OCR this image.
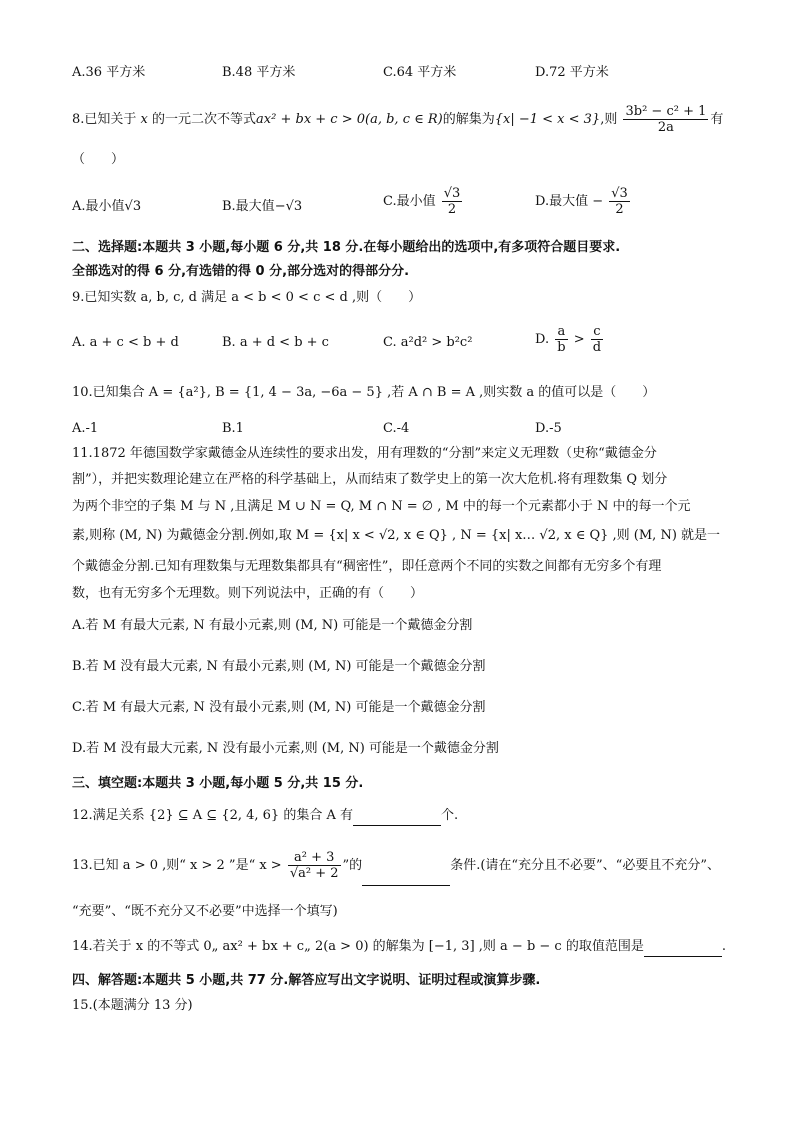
A.36 平方米	B.48 平方米	C.64 平方米	D.72 平方米
8.已知关于 x 的一元二次不等式ax² + bx + c > 0(a, b, c ∈ R)的解集为{x| −1 < x < 3},则 $\frac{\text{3b² − c² + 1}}{2a}$ 有
（　　）
A.最小值√3	B.最大值−√3	C.最小值 $\frac{√3}{2}$	D.最大值 − $\frac{√3}{2}$
二、选择题:本题共 3 小题,每小题 6 分,共 18 分.在每小题给出的选项中,有多项符合题目要求.
全部选对的得 6 分,有选错的得 0 分,部分选对的得部分分.
9.已知实数 a, b, c, d 满足 a < b < 0 < c < d ,则（　　）
A. a + c < b + d	B. a + d < b + c	C. a²d² > b²c²	D. $\frac{a}{b} > \frac{c}{d}$
10.已知集合 A = {a²}, B = {1, 4 − 3a, −6a − 5} ,若 A ∩ B = A ,则实数 a 的值可以是（　　）
A.-1	B.1	C.-4	D.-5
11.1872 年德国数学家戴德金从连续性的要求出发，用有理数的“分割”来定义无理数（史称“戴德金分
割”），并把实数理论建立在严格的科学基础上，从而结束了数学史上的第一次大危机.将有理数集 Q 划分
为两个非空的子集 M 与 N ,且满足 M ∪ N = Q, M ∩ N = ∅ , M 中的每一个元素都小于 N 中的每一个元
素,则称 (M, N) 为戴德金分割.例如,取 M = {x| x < √2, x ∈ Q} , N = {x| x… √2, x ∈ Q} ,则 (M, N) 就是一
个戴德金分割.已知有理数集与无理数集都具有“稠密性”，即任意两个不同的实数之间都有无穷多个有理
数，也有无穷多个无理数。则下列说法中，正确的有（　　）
A.若 M 有最大元素, N 有最小元素,则 (M, N) 可能是一个戴德金分割
B.若 M 没有最大元素, N 有最小元素,则 (M, N) 可能是一个戴德金分割
C.若 M 有最大元素, N 没有最小元素,则 (M, N) 可能是一个戴德金分割
D.若 M 没有最大元素, N 没有最小元素,则 (M, N) 可能是一个戴德金分割
三、填空题:本题共 3 小题,每小题 5 分,共 15 分.
12.满足关系 {2} ⊆ A ⊆ {2, 4, 6} 的集合 A 有	个.
13.已知 a > 0 ,则“ x > 2 ”是“ $x > \frac{\text{a² + 3}}{\text{√a² + 2}}$ ”的	条件.(请在“充分且不必要”、“必要且不充分”、
“充要”、“既不充分又不必要”中选择一个填写)
14.若关于 x 的不等式 0„ ax² + bx + c„ 2(a > 0) 的解集为 [−1, 3] ,则 a − b − c 的取值范围是	.
四、解答题:本题共 5 小题,共 77 分.解答应写出文字说明、证明过程或演算步骤.
15.(本题满分 13 分)
